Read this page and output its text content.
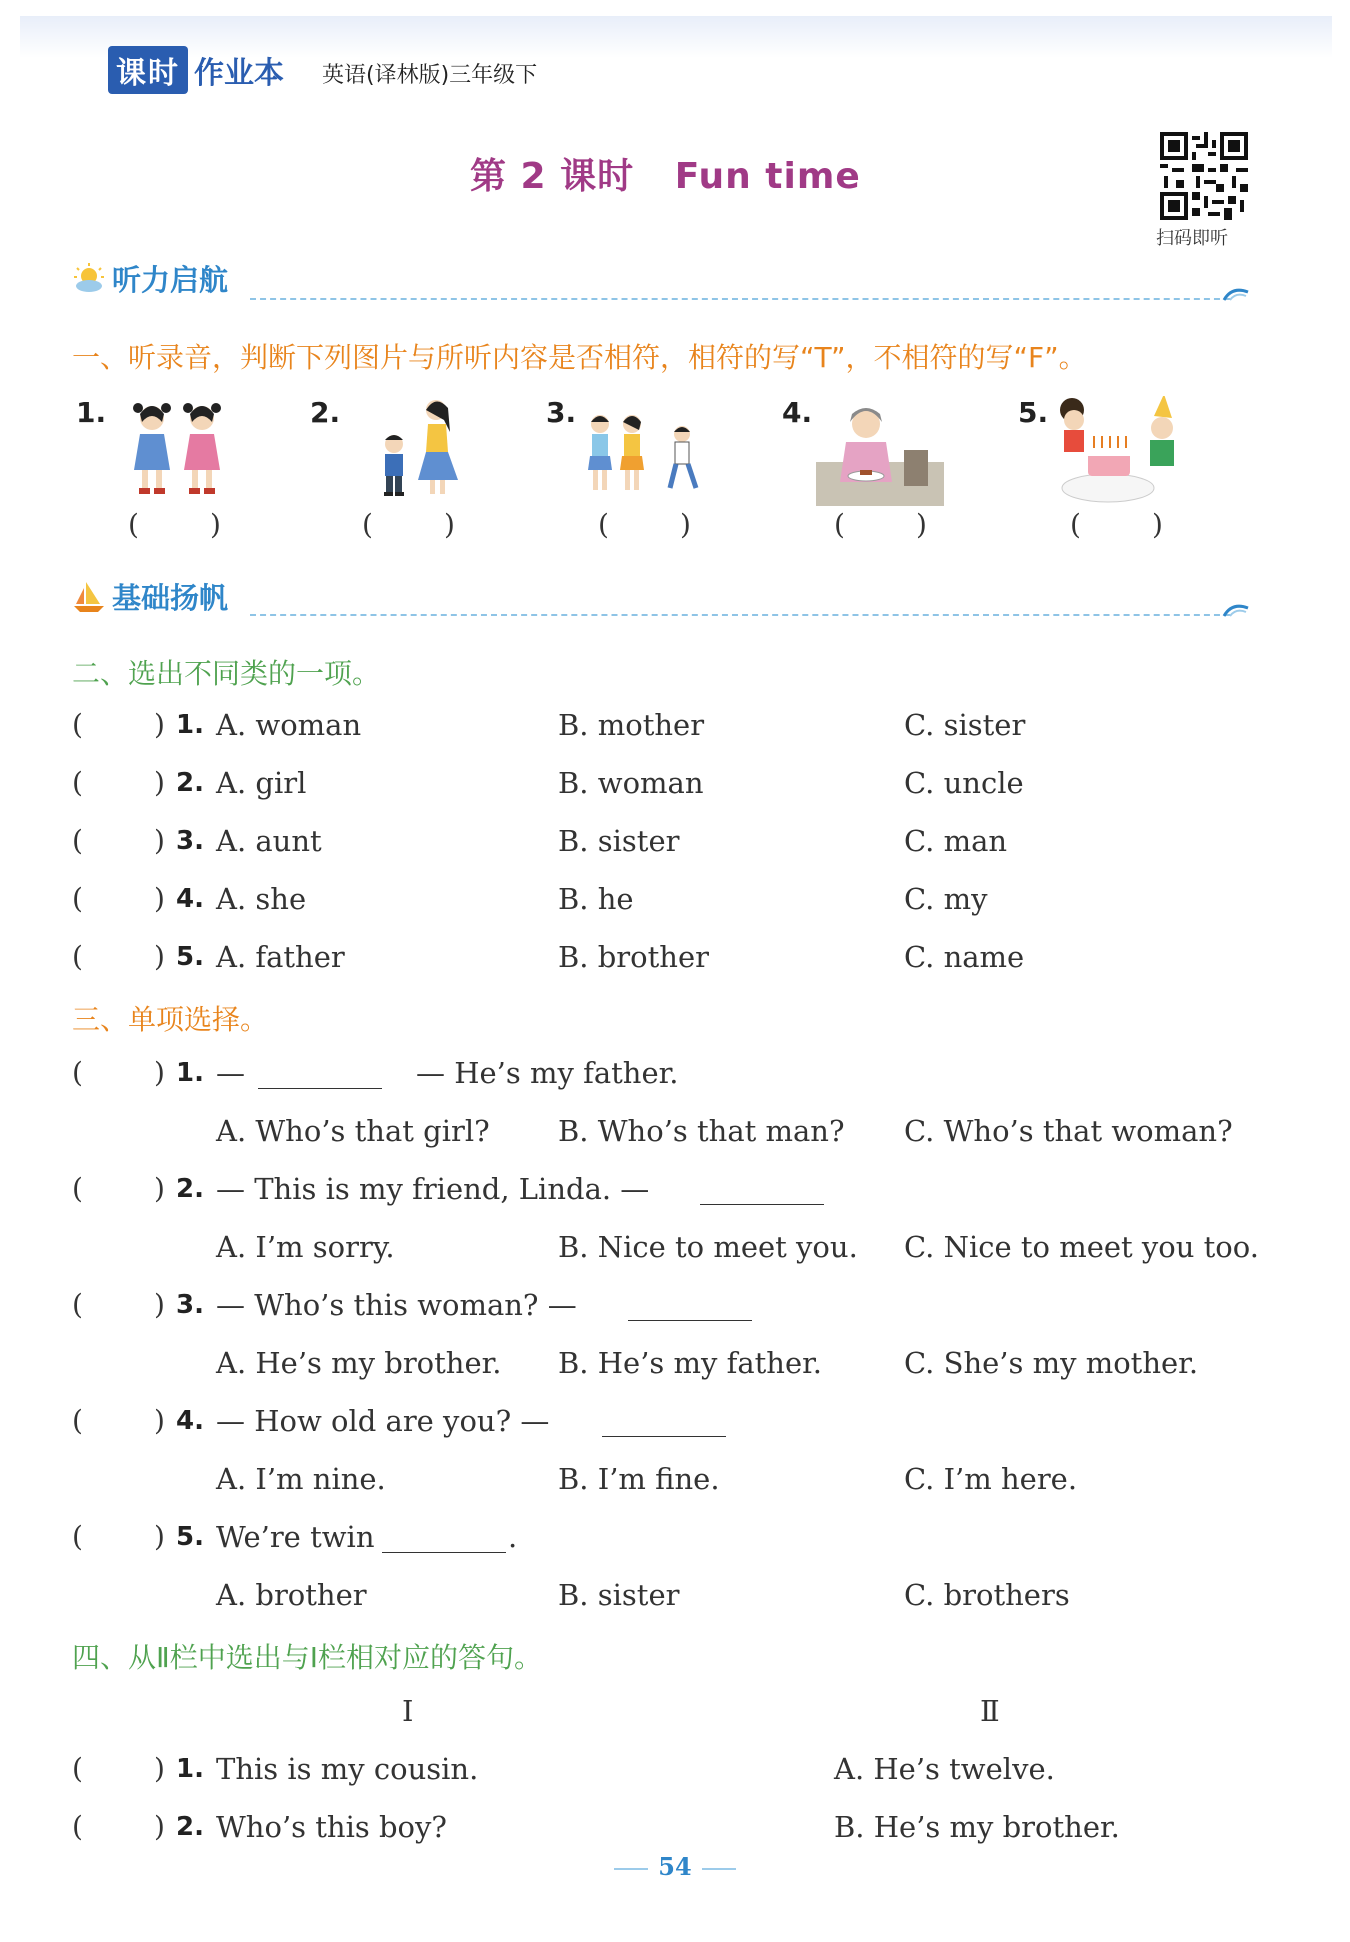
课时 作业本 英语(译林版)三年级下
第 2 课时   Fun time
扫码即听
听力启航
一、听录音，判断下列图片与所听内容是否相符，相符的写“T”，不相符的写“F”。
1.	2.	3.	4.	5.
(	)	(	)	(	)	(	)	(	)
基础扬帆
二、选出不同类的一项。
(	) 1. A. woman	B. mother	C. sister
(	) 2. A. girl	B. woman	C. uncle
(	) 3. A. aunt	B. sister	C. man
(	) 4. A. she	B. he	C. my
(	) 5. A. father	B. brother	C. name
三、单项选择。
(	) 1. —	— He’s my father.
A. Who’s that girl? B. Who’s that man? C. Who’s that woman?
(	) 2. — This is my friend, Linda. —
A. I’m sorry.	B. Nice to meet you. C. Nice to meet you too.
(	) 3. — Who’s this woman? —
A. He’s my brother. B. He’s my father.	C. She’s my mother.
(	) 4. — How old are you? —
A. I’m nine.	B. I’m fine.	C. I’m here.
(	) 5. We’re twin	.
A. brother	B. sister	C. brothers
四、从Ⅱ栏中选出与Ⅰ栏相对应的答句。
Ⅰ	Ⅱ
(	) 1. This is my cousin.	A. He’s twelve.
(	) 2. Who’s this boy?	B. He’s my brother.
54
